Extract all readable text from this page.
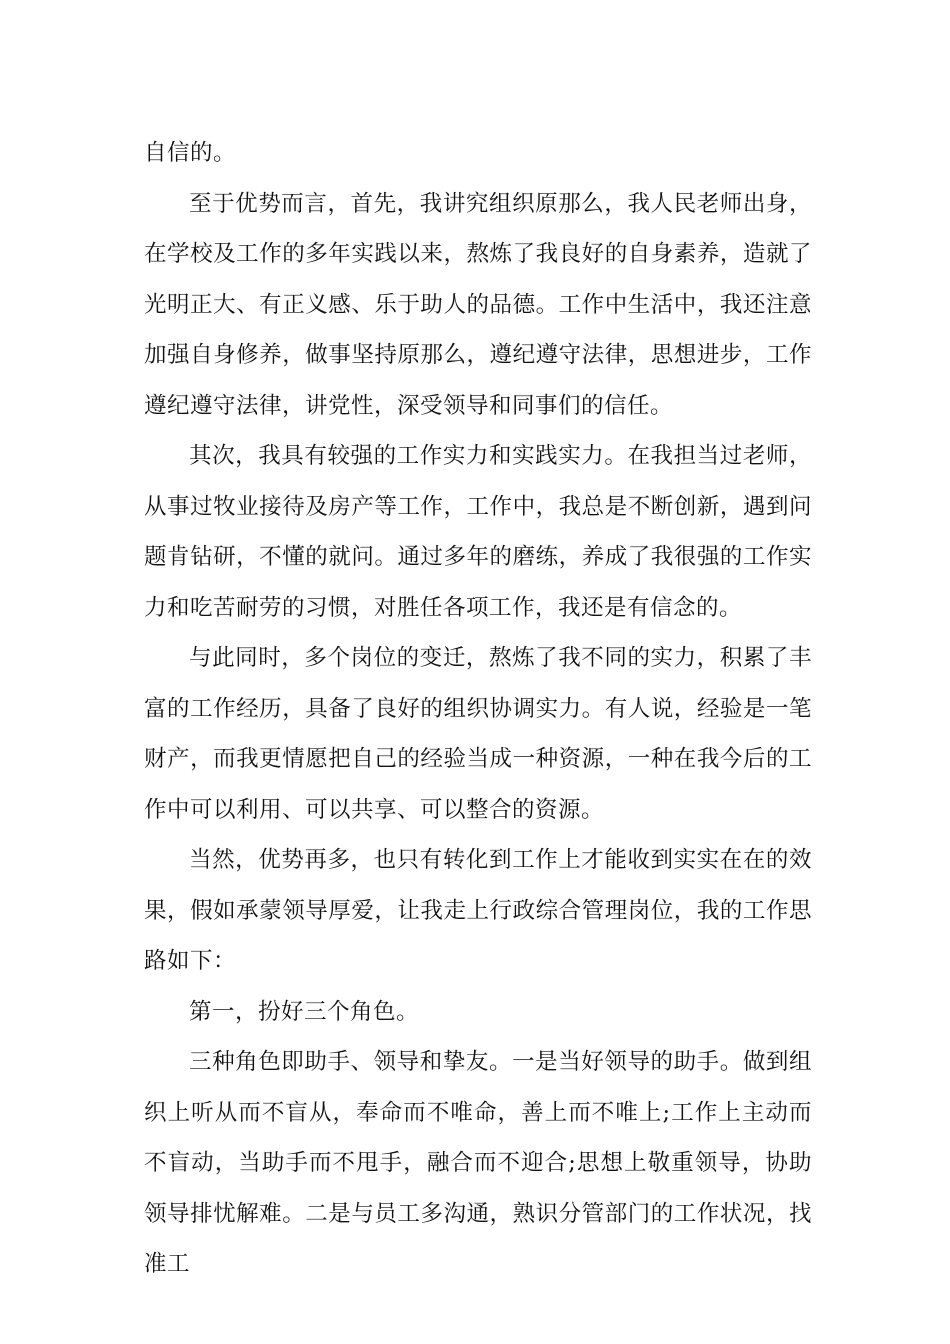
自信的。

至于优势而言，首先，我讲究组织原那么，我人民老师出身，在学校及工作的多年实践以来，熬炼了我良好的自身素养，造就了光明正大、有正义感、乐于助人的品德。工作中生活中，我还注意加强自身修养，做事坚持原那么，遵纪遵守法律，思想进步，工作遵纪遵守法律，讲党性，深受领导和同事们的信任。

其次，我具有较强的工作实力和实践实力。在我担当过老师，从事过牧业接待及房产等工作，工作中，我总是不断创新，遇到问题肯钻研，不懂的就问。通过多年的磨练，养成了我很强的工作实力和吃苦耐劳的习惯，对胜任各项工作，我还是有信念的。

与此同时，多个岗位的变迁，熬炼了我不同的实力，积累了丰富的工作经历，具备了良好的组织协调实力。有人说，经验是一笔财产，而我更情愿把自己的经验当成一种资源，一种在我今后的工作中可以利用、可以共享、可以整合的资源。

当然，优势再多，也只有转化到工作上才能收到实实在在的效果，假如承蒙领导厚爱，让我走上行政综合管理岗位，我的工作思路如下：

第一，扮好三个角色。

三种角色即助手、领导和挚友。一是当好领导的助手。做到组织上听从而不盲从，奉命而不唯命，善上而不唯上;工作上主动而不盲动，当助手而不甩手，融合而不迎合;思想上敬重领导，协助领导排忧解难。二是与员工多沟通，熟识分管部门的工作状况，找准工
